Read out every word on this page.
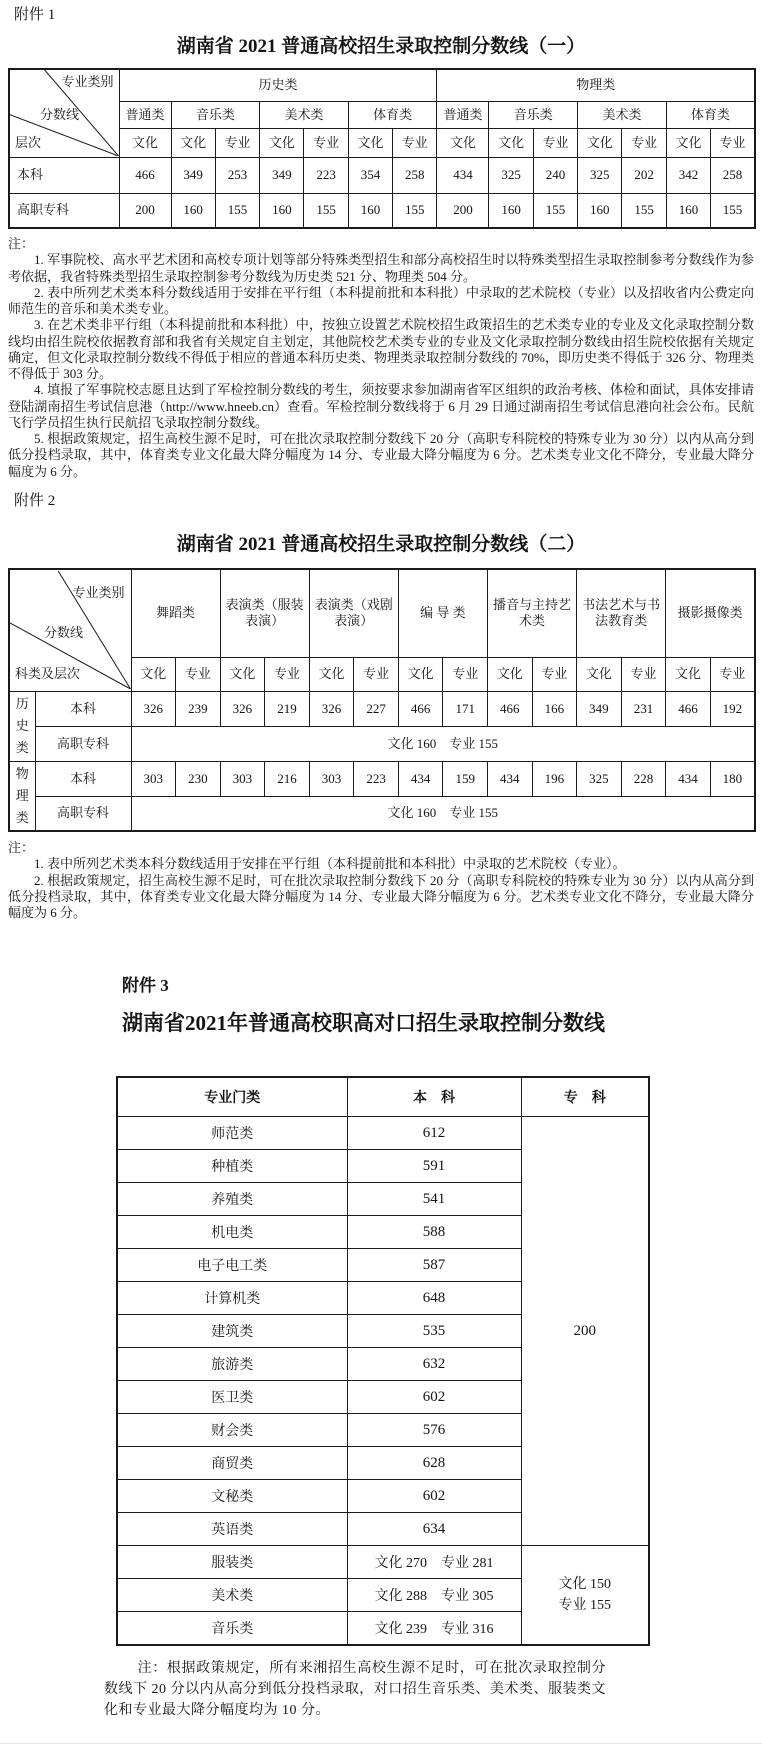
附件 1
湖南省 2021 普通高校招生录取控制分数线（一）
专业类别
分数线
层次	历史类							物理类						
	普通类	音乐类		美术类		体育类		普通类	音乐类		美术类		体育类	
	文化	文化	专业	文化	专业	文化	专业	文化	文化	专业	文化	专业	文化	专业
本科	466	349	253	349	223	354	258	434	325	240	325	202	342	258
高职专科	200	160	155	160	155	160	155	200	160	155	160	155	160	155
注：

1. 军事院校、高水平艺术团和高校专项计划等部分特殊类型招生和部分高校招生时以特殊类型招生录取控制参考分数线作为参考依据，我省特殊类型招生录取控制参考分数线为历史类 521 分、物理类 504 分。

2. 表中所列艺术类本科分数线适用于安排在平行组（本科提前批和本科批）中录取的艺术院校（专业）以及招收省内公费定向师范生的音乐和美术类专业。

3. 在艺术类非平行组（本科提前批和本科批）中，按独立设置艺术院校招生政策招生的艺术类专业的专业及文化录取控制分数线均由招生院校依据教育部和我省有关规定自主划定，其他院校艺术类专业的专业及文化录取控制分数线由招生院校依据有关规定确定，但文化录取控制分数线不得低于相应的普通本科历史类、物理类录取控制分数线的 70%，即历史类不得低于 326 分、物理类不得低于 303 分。

4. 填报了军事院校志愿且达到了军检控制分数线的考生，须按要求参加湖南省军区组织的政治考核、体检和面试，具体安排请登陆湖南招生考试信息港（http://www.hneeb.cn）查看。军检控制分数线将于 6 月 29 日通过湖南招生考试信息港向社会公布。民航飞行学员招生执行民航招飞录取控制分数线。

5. 根据政策规定，招生高校生源不足时，可在批次录取控制分数线下 20 分（高职专科院校的特殊专业为 30 分）以内从高分到低分投档录取，其中，体育类专业文化最大降分幅度为 14 分、专业最大降分幅度为 6 分。艺术类专业文化不降分，专业最大降分幅度为 6 分。

附件 2
湖南省 2021 普通高校招生录取控制分数线（二）
专业类别
分数线
科类及层次		舞蹈类		表演类（服装表演）		表演类（戏剧表演）		编 导 类		播音与主持艺术类		书法艺术与书法教育类		摄影摄像类	
		文化	专业	文化	专业	文化	专业	文化	专业	文化	专业	文化	专业	文化	专业

历史类	本科	326	239	326	219	326	227	466	171	466	166	349	231	466	192
	高职专科	文化 160　专业 155													

物理类	本科	303	230	303	216	303	223	434	159	434	196	325	228	434	180
	高职专科	文化 160　专业 155													
注：

1. 表中所列艺术类本科分数线适用于安排在平行组（本科提前批和本科批）中录取的艺术院校（专业）。

2. 根据政策规定，招生高校生源不足时，可在批次录取控制分数线下 20 分（高职专科院校的特殊专业为 30 分）以内从高分到低分投档录取，其中，体育类专业文化最大降分幅度为 14 分、专业最大降分幅度为 6 分。艺术类专业文化不降分，专业最大降分幅度为 6 分。

附件 3
湖南省2021年普通高校职高对口招生录取控制分数线
专业门类	本　科	专　科
师范类	612	200
种植类	591	
养殖类	541	
机电类	588	
电子电工类	587	
计算机类	648	
建筑类	535	
旅游类	632	
医卫类	602	
财会类	576	
商贸类	628	
文秘类	602	
英语类	634	
服装类	文化 270　专业 281	文化 150
专业 155

美术类	文化 288　专业 305	
音乐类	文化 239　专业 316	
注：根据政策规定，所有来湘招生高校生源不足时，可在批次录取控制分数线下 20 分以内从高分到低分投档录取，对口招生音乐类、美术类、服装类文化和专业最大降分幅度均为 10 分。
